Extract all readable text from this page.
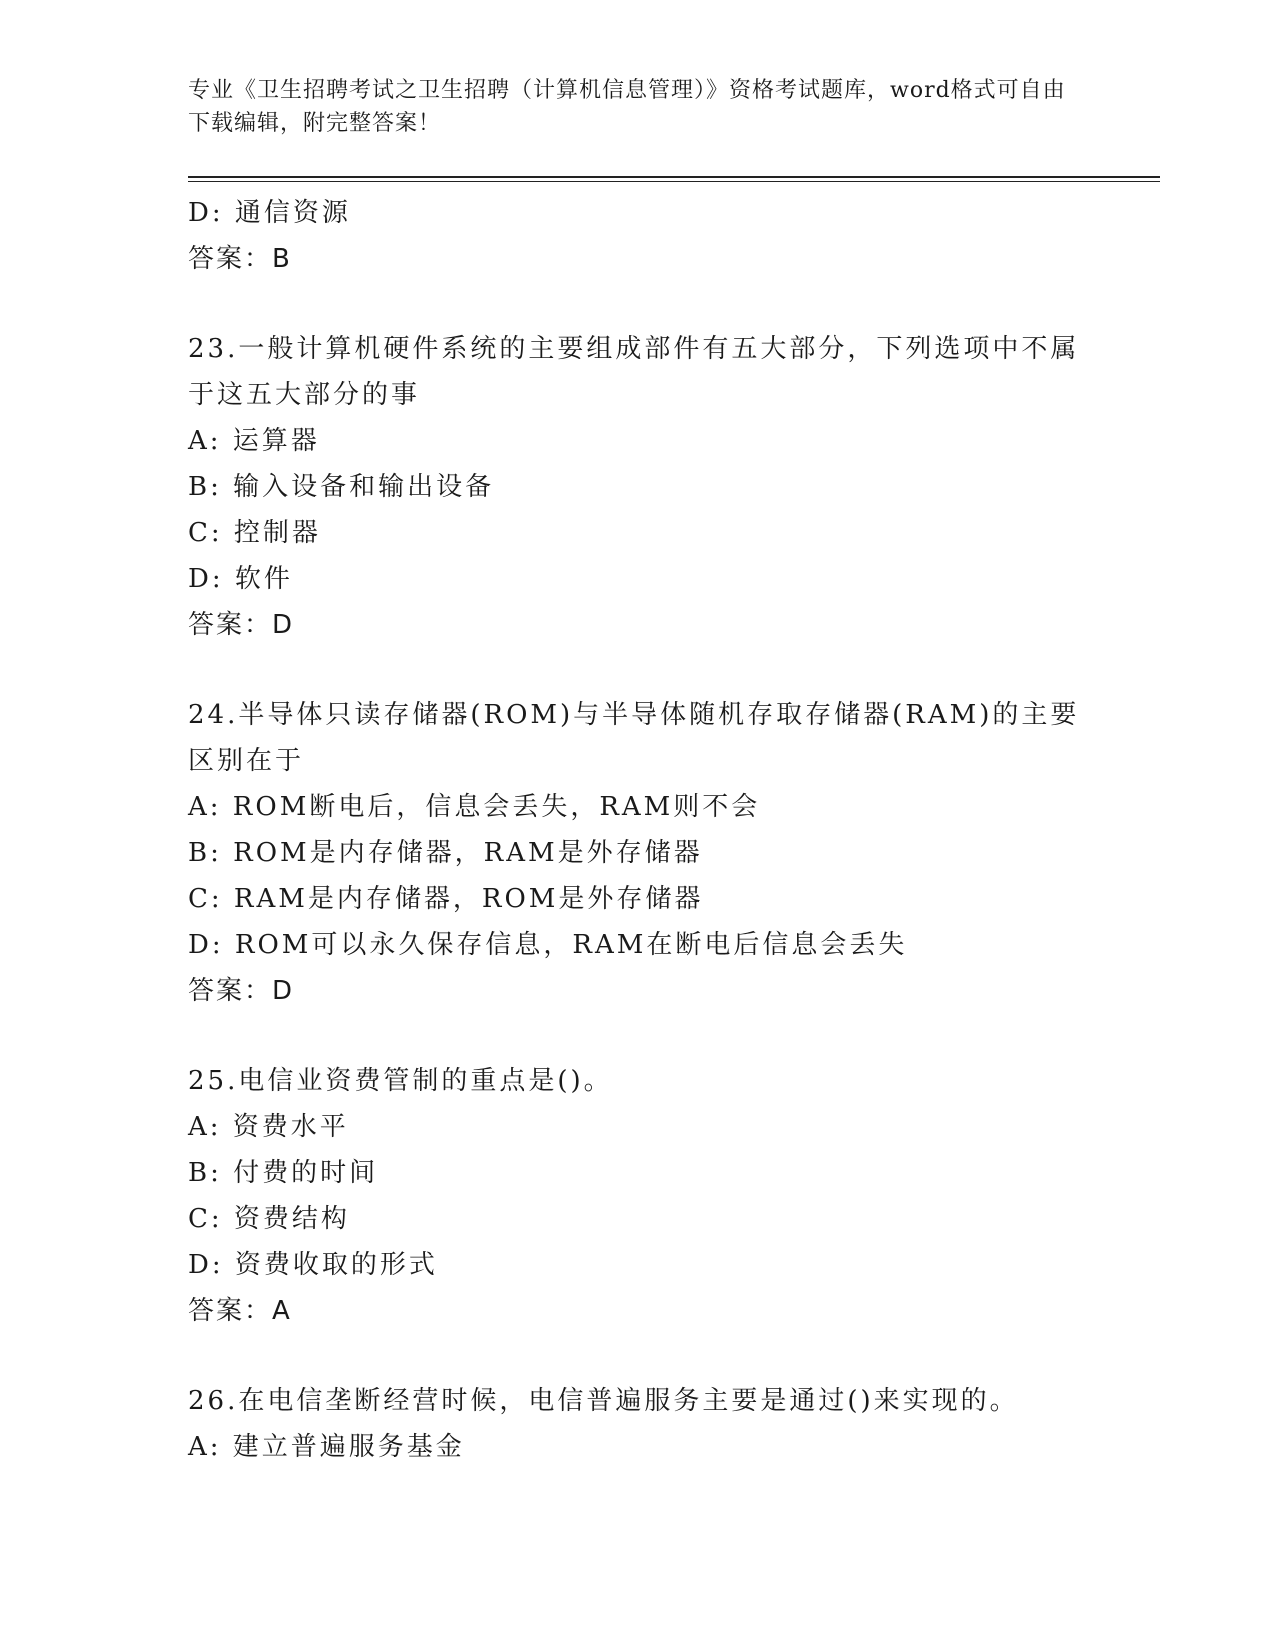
专业《卫生招聘考试之卫生招聘（计算机信息管理）》资格考试题库，word格式可自由下载编辑，附完整答案！
D: 通信资源
答案：B
23.一般计算机硬件系统的主要组成部件有五大部分，下列选项中不属于这五大部分的事
A: 运算器
B: 输入设备和输出设备
C: 控制器
D: 软件
答案：D
24.半导体只读存储器(ROM)与半导体随机存取存储器(RAM)的主要区别在于
A: ROM断电后，信息会丢失，RAM则不会
B: ROM是内存储器，RAM是外存储器
C: RAM是内存储器，ROM是外存储器
D: ROM可以永久保存信息，RAM在断电后信息会丢失
答案：D
25.电信业资费管制的重点是()。
A: 资费水平
B: 付费的时间
C: 资费结构
D: 资费收取的形式
答案：A
26.在电信垄断经营时候，电信普遍服务主要是通过()来实现的。
A: 建立普遍服务基金
